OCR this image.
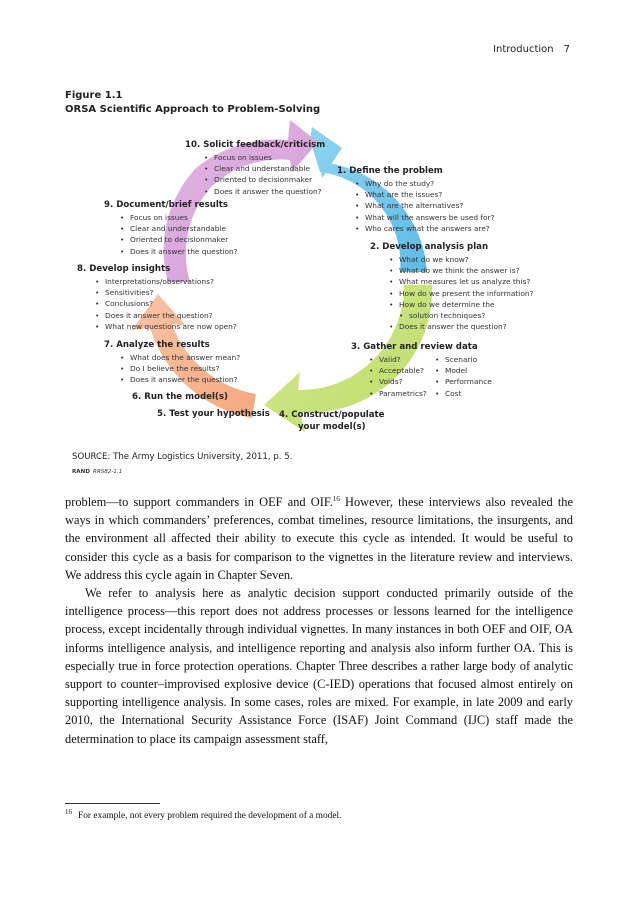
Introduction 7
Figure 1.1
ORSA Scientific Approach to Problem-Solving
10. Solicit feedback/criticism
• Focus on issues
• Clear and understandable
• Oriented to decisionmaker
• Does it answer the question?
1. Define the problem
• Why do the study?
• What are the issues?
• What are the alternatives?
• What will the answers be used for?
• Who cares what the answers are?
9. Document/brief results
• Focus on issues
• Clear and understandable
• Oriented to decisionmaker
• Does it answer the question?	2. Develop analysis plan
• What do we know?
• What do we think the answer is?
• What measures let us analyze this?
• How do we present the information?
• How do we determine the
• solution techniques?
• Does it answer the question?
8. Develop insights
• Interpretations/observations?
• Sensitivities?
• Conclusions?
• Does it answer the question?
• What new questions are now open?
7. Analyze the results
• What does the answer mean?
• Do I believe the results?
• Does it answer the question?
3. Gather and review data
• Valid?
• Acceptable?
• Voids?
• Parametrics?
• Scenario
• Model
• Performance
• Cost
6. Run the model(s)
5. Test your hypothesis 4. Construct/populate
your model(s)
SOURCE: The Army Logistics University, 2011, p. 5.
RAND RRS82-1.1

problem—to support commanders in OEF and OIF.$^{16}$ However, these interviews also revealed the ways in which commanders’ preferences, combat timelines, resource limitations, the insurgents, and the environment all affected their ability to execute this cycle as intended. It would be useful to consider this cycle as a basis for comparison to the vignettes in the literature review and interviews. We address this cycle again in Chapter Seven.

We refer to analysis here as analytic decision support conducted primarily outside of the intelligence process—this report does not address processes or lessons learned for the intelligence process, except incidentally through individual vignettes. In many instances in both OEF and OIF, OA informs intelligence analysis, and intelligence reporting and analysis also inform further OA. This is especially true in force protection operations. Chapter Three describes a rather large body of analytic support to counter–improvised explosive device (C-IED) operations that focused almost entirely on supporting intelligence analysis. In some cases, roles are mixed. For example, in late 2009 and early 2010, the International Security Assistance Force (ISAF) Joint Command (IJC) staff made the determination to place its campaign assessment staff,

$^{16}$ For example, not every problem required the development of a model.
